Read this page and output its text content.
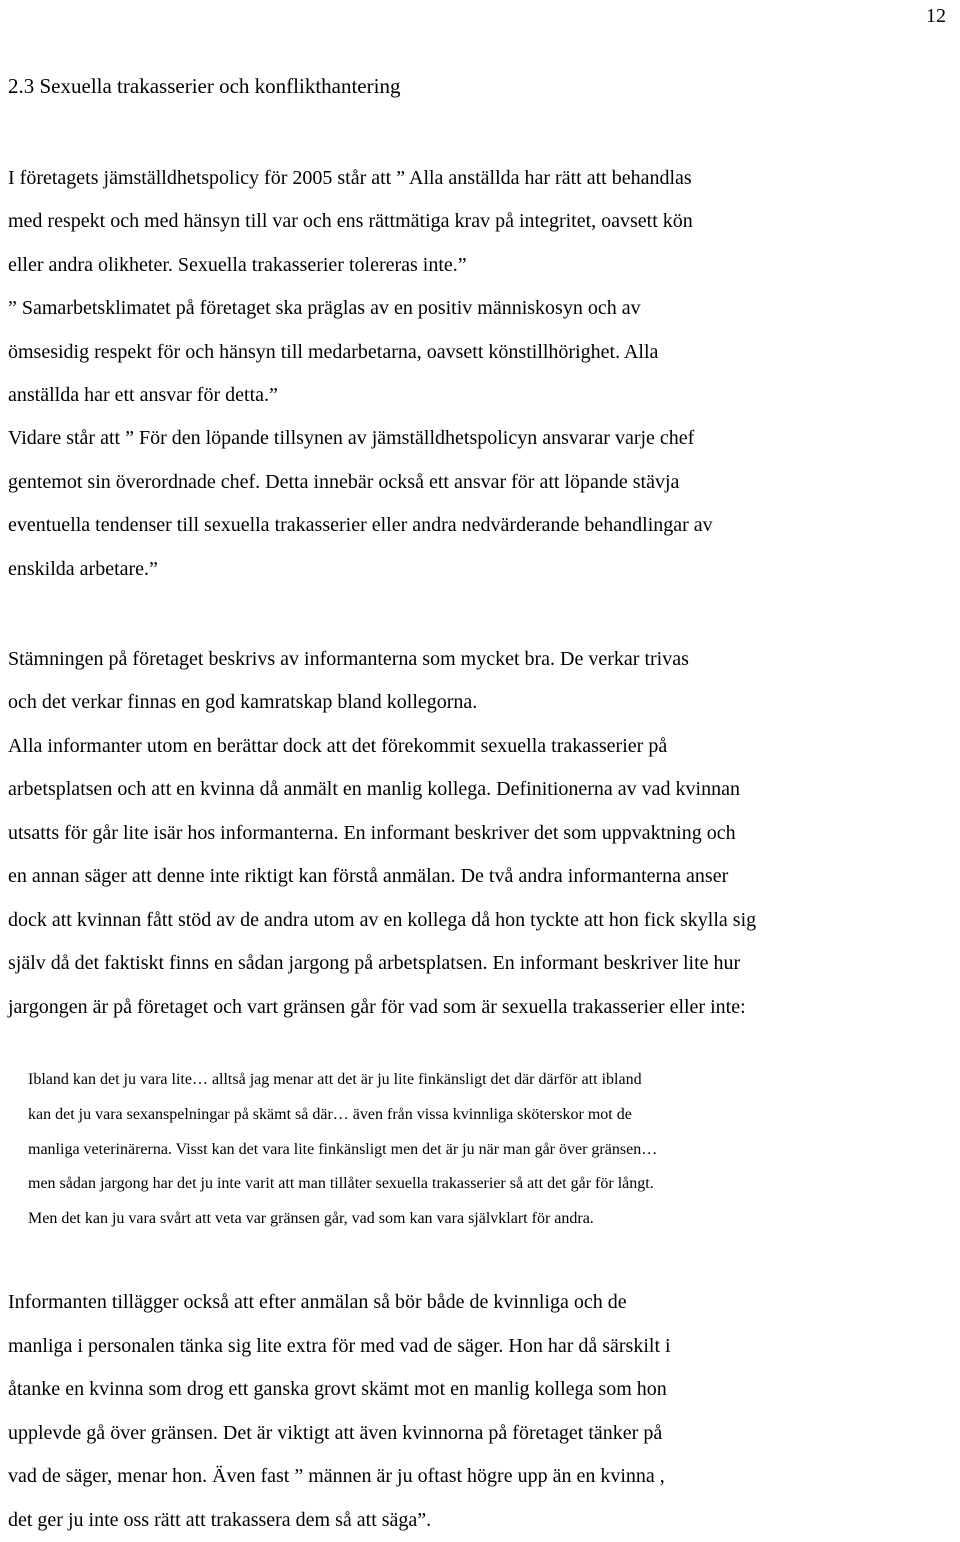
12
2.3 Sexuella trakasserier och konflikthantering
I företagets jämställdhetspolicy för 2005 står att ” Alla anställda har rätt att behandlas
med respekt och med hänsyn till var och ens rättmätiga krav på integritet, oavsett kön
eller andra olikheter. Sexuella trakasserier tolereras inte.”
” Samarbetsklimatet på företaget ska präglas av en positiv människosyn och av
ömsesidig respekt för och hänsyn till medarbetarna, oavsett könstillhörighet. Alla
anställda har ett ansvar för detta.”
Vidare står att ” För den löpande tillsynen av jämställdhetspolicyn ansvarar varje chef
gentemot sin överordnade chef. Detta innebär också ett ansvar för att löpande stävja
eventuella tendenser till sexuella trakasserier eller andra nedvärderande behandlingar av
enskilda arbetare.”
Stämningen på företaget beskrivs av informanterna som mycket bra. De verkar trivas
och det verkar finnas en god kamratskap bland kollegorna.
Alla informanter utom en berättar dock att det förekommit sexuella trakasserier på
arbetsplatsen och att en kvinna då anmält en manlig kollega. Definitionerna av vad kvinnan
utsatts för går lite isär hos informanterna. En informant beskriver det som uppvaktning och
en annan säger att denne inte riktigt kan förstå anmälan. De två andra informanterna anser
dock att kvinnan fått stöd av de andra utom av en kollega då hon tyckte att hon fick skylla sig
själv då det faktiskt finns en sådan jargong på arbetsplatsen. En informant beskriver lite hur
jargongen är på företaget och vart gränsen går för vad som är sexuella trakasserier eller inte:
Ibland kan det ju vara lite… alltså jag menar att det är ju lite finkänsligt det där därför att ibland
kan det ju vara sexanspelningar på skämt så där… även från vissa kvinnliga sköterskor mot de
manliga veterinärerna. Visst kan det vara lite finkänsligt men det är ju när man går över gränsen…
men sådan jargong har det ju inte varit att man tillåter sexuella trakasserier så att det går för långt.
Men det kan ju vara svårt att veta var gränsen går, vad som kan vara självklart för andra.
Informanten tillägger också att efter anmälan så bör både de kvinnliga och de
manliga i personalen tänka sig lite extra för med vad de säger. Hon har då särskilt i
åtanke en kvinna som drog ett ganska grovt skämt mot en manlig kollega som hon
upplevde gå över gränsen. Det är viktigt att även kvinnorna på företaget tänker på
vad de säger, menar hon. Även fast ” männen är ju oftast högre upp än en kvinna ,
det ger ju inte oss rätt att trakassera dem så att säga”.
